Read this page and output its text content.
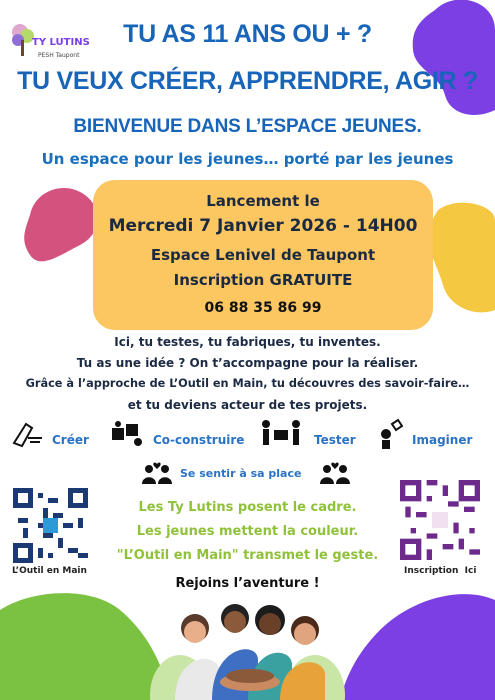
TY LUTINS
PESH Taupont
TU AS 11 ANS OU + ?
TU VEUX CRÉER, APPRENDRE, AGIR ?
BIENVENUE DANS L’ESPACE JEUNES.
Un espace pour les jeunes… porté par les jeunes
Lancement le
Mercredi 7 Janvier 2026 - 14H00
Espace Lenivel de Taupont
Inscription GRATUITE
06 88 35 86 99
Ici, tu testes, tu fabriques, tu inventes.
Tu as une idée ? On t’accompagne pour la réaliser.
Grâce à l’approche de L’Outil en Main, tu découvres des savoir-faire…
et tu deviens acteur de tes projets.
Créer	Co-construire	Tester	Imaginer
Se sentir à sa place
L’Outil en Main	Inscription  Ici
Les Ty Lutins posent le cadre.
Les jeunes mettent la couleur.
"L’Outil en Main" transmet le geste.
Rejoins l’aventure !
